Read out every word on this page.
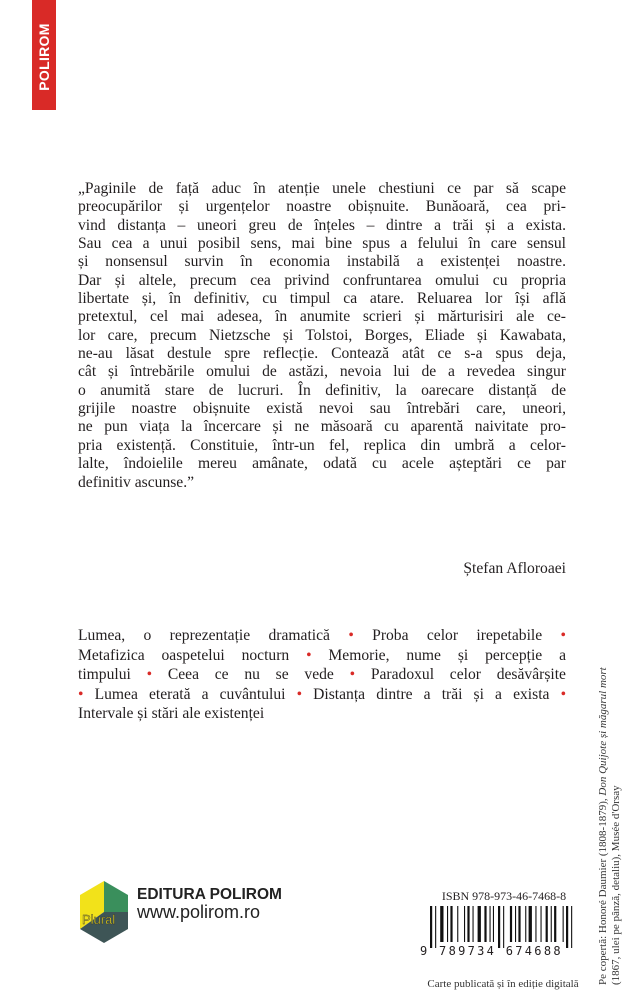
POLIROM
„Paginile de față aduc în atenție unele chestiuni ce par să scape
preocupărilor și urgențelor noastre obișnuite. Bunăoară, cea pri-
vind distanța – uneori greu de înțeles – dintre a trăi și a exista.
Sau cea a unui posibil sens, mai bine spus a felului în care sensul
și nonsensul survin în economia instabilă a existenței noastre.
Dar și altele, precum cea privind confruntarea omului cu propria
libertate și, în definitiv, cu timpul ca atare. Reluarea lor își află
pretextul, cel mai adesea, în anumite scrieri și mărturisiri ale ce-
lor care, precum Nietzsche și Tolstoi, Borges, Eliade și Kawabata,
ne-au lăsat destule spre reflecție. Contează atât ce s-a spus deja,
cât și întrebările omului de astăzi, nevoia lui de a revedea singur
o anumită stare de lucruri. În definitiv, la oarecare distanță de
grijile noastre obișnuite există nevoi sau întrebări care, uneori,
ne pun viața la încercare și ne măsoară cu aparentă naivitate pro-
pria existență. Constituie, într-un fel, replica din umbră a celor-
lalte, îndoielile mereu amânate, odată cu acele așteptări ce par
definitiv ascunse.”
Ștefan Afloroaei
Lumea, o reprezentație dramatică • Proba celor irepetabile •
Metafizica oaspetelui nocturn • Memorie, nume și percepție a
timpului • Ceea ce nu se vede • Paradoxul celor desăvârșite
• Lumea eterată a cuvântului • Distanța dintre a trăi și a exista •
Intervale și stări ale existenței
Pe copertă: Honoré Daumier (1808-1879), Don Quijote și măgarul mort
(1867, ulei pe pânză, detaliu), Musée d'Orsay
Plural
EDITURA POLIROM
www.polirom.ro
ISBN 978-973-46-7468-8
9 789734 674688
Carte publicată și în ediție digitală
